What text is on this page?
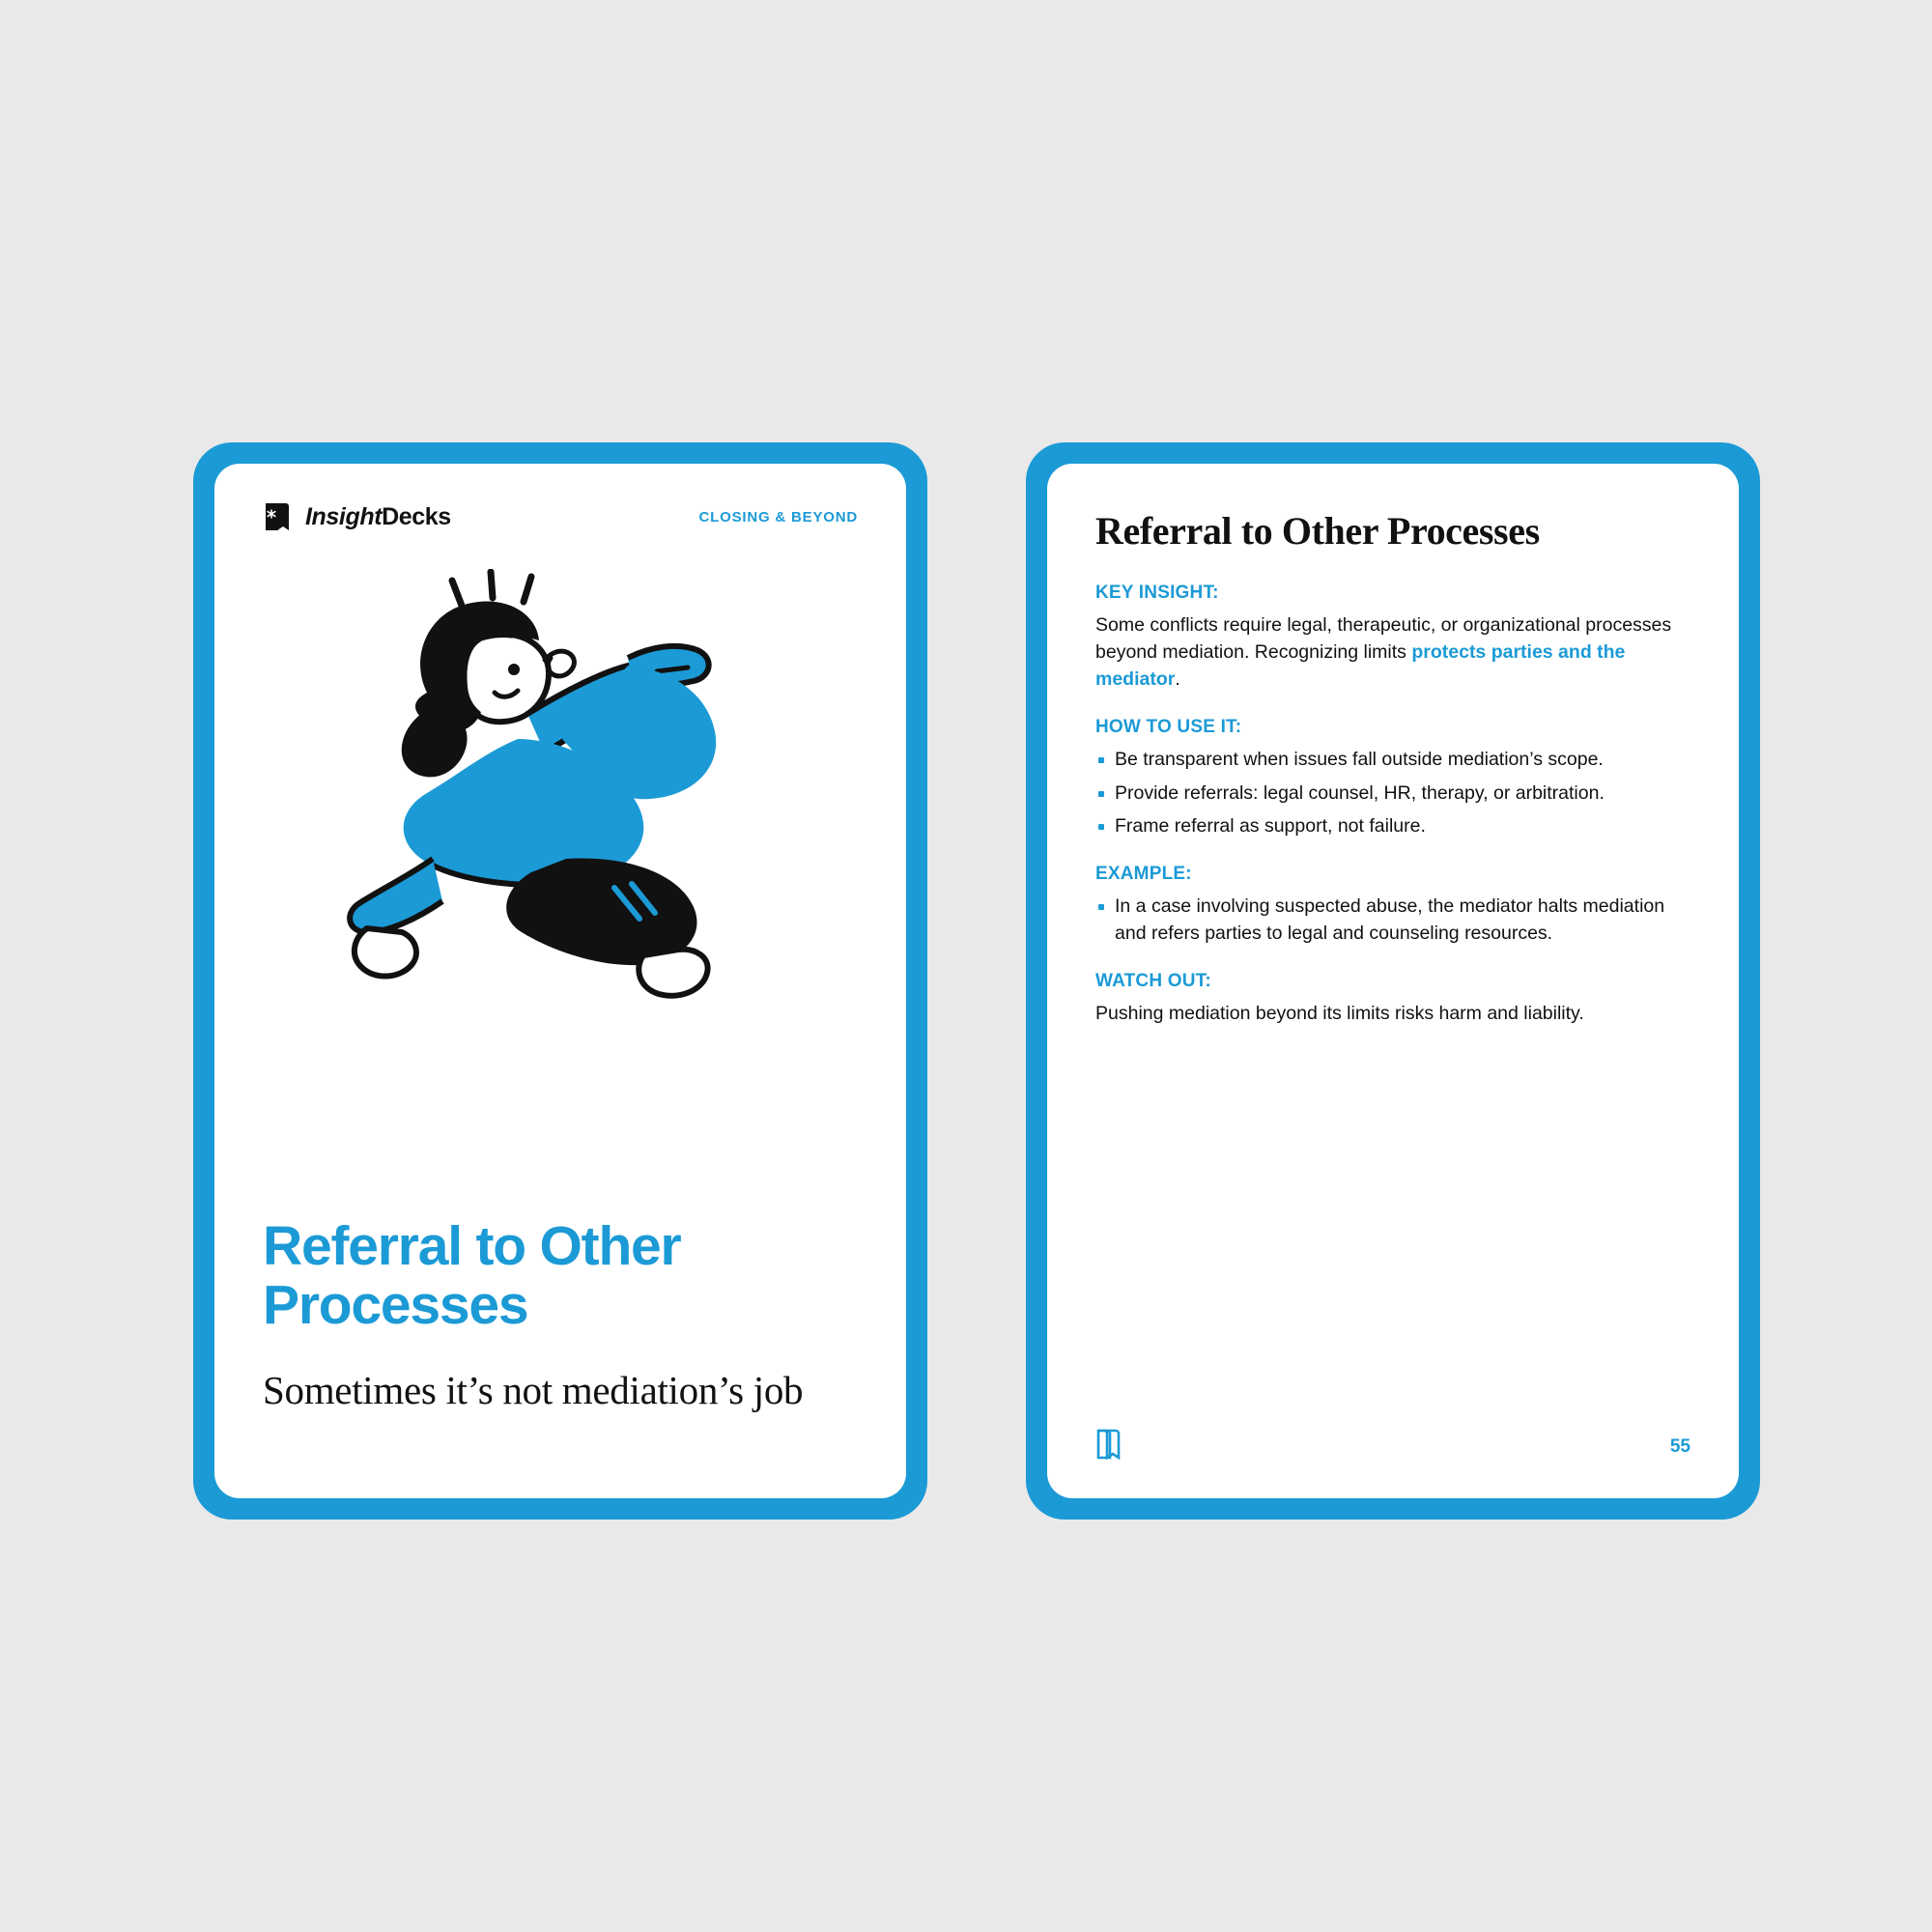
InsightDecks	CLOSING & BEYOND
Referral to Other Processes
Sometimes it’s not mediation’s job
Referral to Other Processes
KEY INSIGHT:

Some conflicts require legal, therapeutic, or organizational processes beyond mediation. Recognizing limits protects parties and the mediator.

HOW TO USE IT:
Be transparent when issues fall outside mediation’s scope.
Provide referrals: legal counsel, HR, therapy, or arbitration.
Frame referral as support, not failure.
EXAMPLE:
In a case involving suspected abuse, the mediator halts mediation and refers parties to legal and counseling resources.
WATCH OUT:

Pushing mediation beyond its limits risks harm and liability.

55
